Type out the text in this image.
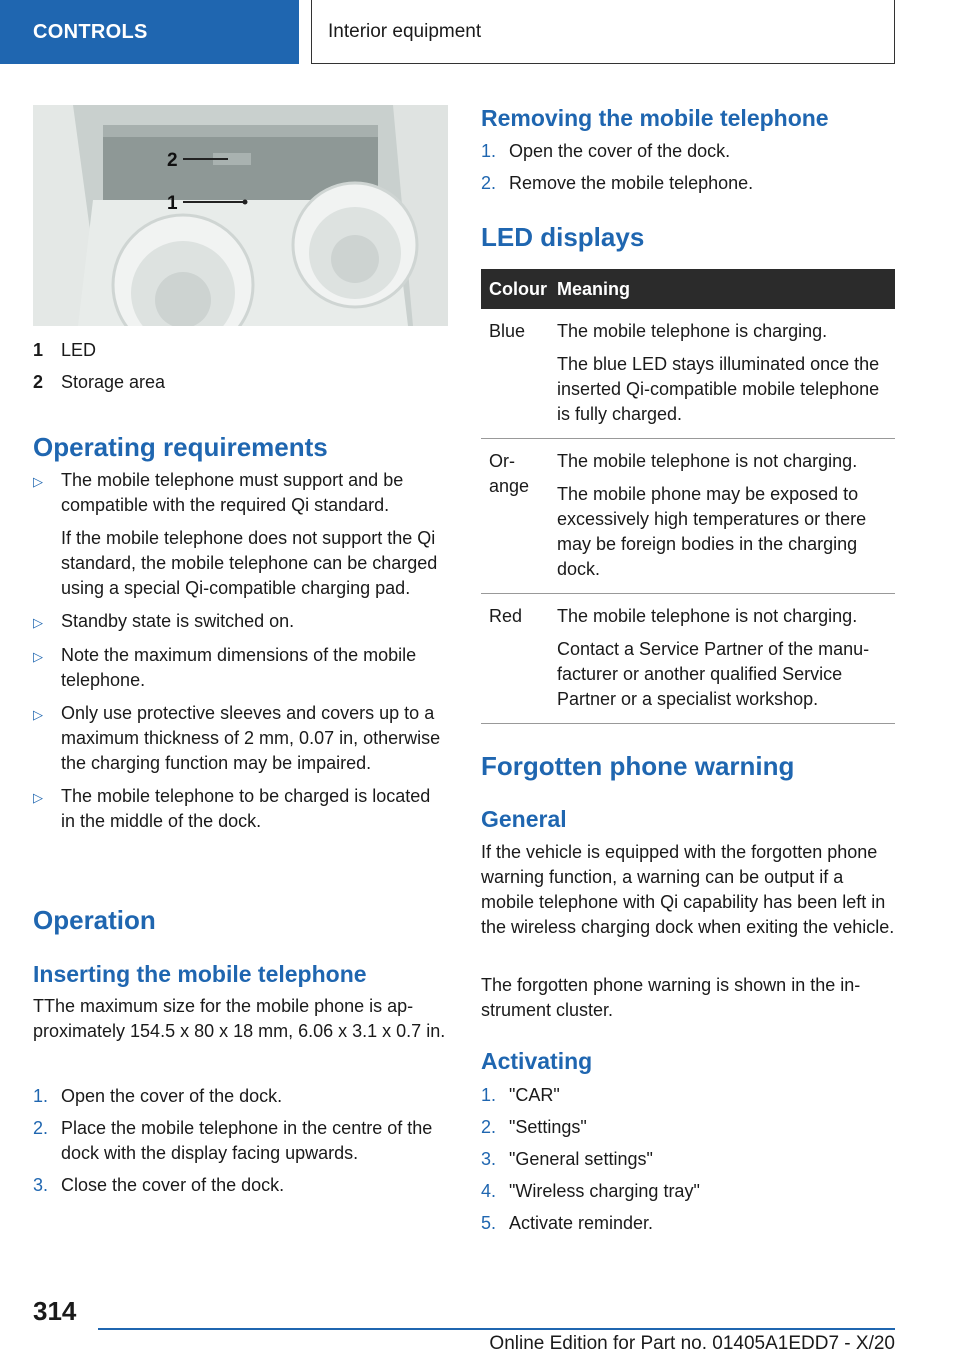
CONTROLS	Interior equipment
2
1
1 LED
2 Storage area
Operating requirements
▷	The mobile telephone must support and be compatible with the required Qi standard.

If the mobile telephone does not support the Qi standard, the mobile telephone can be charged using a special Qi-compatible charging pad.

▷	Standby state is switched on.

▷	Note the maximum dimensions of the mobile telephone.

▷	Only use protective sleeves and covers up to a maximum thickness of 2 mm, 0.07 in, otherwise the charging function may be impaired.

▷	The mobile telephone to be charged is located in the middle of the dock.

Operation
Inserting the mobile telephone

TThe maximum size for the mobile phone is approximately 154.5 x 80 x 18 mm, 6.06 x 3.1 x 0.7 in.

1. Open the cover of the dock.
2. Place the mobile telephone in the centre of the dock with the display facing upwards.
3. Close the cover of the dock.
Removing the mobile telephone
1. Open the cover of the dock.
2. Remove the mobile telephone.
LED displays
Colour	Meaning
Blue	The mobile telephone is charging.

The blue LED stays illuminated once the inserted Qi-compatible mobile telephone is fully charged.

Orange	The mobile telephone is not charging.

The mobile phone may be exposed to excessively high temperatures or there may be foreign bodies in the charging dock.

Red	The mobile telephone is not charging.

Contact a Service Partner of the manufacturer or another qualified Service Partner or a specialist workshop.

Forgotten phone warning
General

If the vehicle is equipped with the forgotten phone warning function, a warning can be output if a mobile telephone with Qi capability has been left in the wireless charging dock when exiting the vehicle.

The forgotten phone warning is shown in the instrument cluster.

Activating
1. "CAR"
2. "Settings"
3. "General settings"
4. "Wireless charging tray"
5. Activate reminder.
314
Online Edition for Part no. 01405A1EDD7 - X/20
